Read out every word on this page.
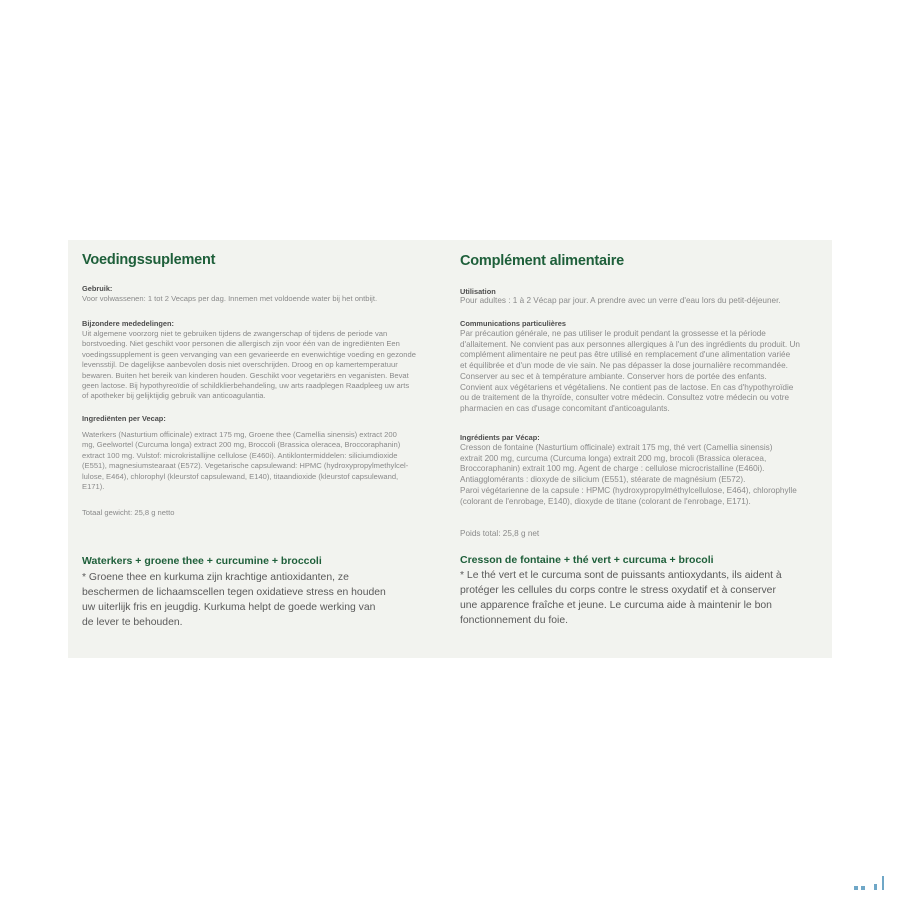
Voedingssuplement
Gebruik:
Voor volwassenen: 1 tot 2 Vecaps per dag. Innemen met voldoende water bij het ontbijt.
Bijzondere mededelingen:
Uit algemene voorzorg niet te gebruiken tijdens de zwangerschap of tijdens de periode van
borstvoeding. Niet geschikt voor personen die allergisch zijn voor één van de ingrediënten Een
voedingssupplement is geen vervanging van een gevarieerde en evenwichtige voeding en gezonde
levensstijl. De dagelijkse aanbevolen dosis niet overschrijden. Droog en op kamertemperatuur
bewaren. Buiten het bereik van kinderen houden. Geschikt voor vegetariërs en veganisten. Bevat
geen lactose. Bij hypothyreoïdie of schildklierbehandeling, uw arts raadplegen Raadpleeg uw arts
of apotheker bij gelijktijdig gebruik van anticoagulantia.
Ingrediënten per Vecap:
Waterkers (Nasturtium officinale) extract 175 mg, Groene thee (Camellia sinensis) extract 200
mg, Geelwortel (Curcuma longa) extract 200 mg, Broccoli (Brassica oleracea, Broccoraphanin)
extract 100 mg. Vulstof: microkristallijne cellulose (E460i). Antiklontermiddelen: siliciumdioxide
(E551), magnesiumstearaat (E572). Vegetarische capsulewand: HPMC (hydroxypropylmethylcel-
lulose, E464), chlorophyl (kleurstof capsulewand, E140), titaandioxide (kleurstof capsulewand,
E171).
Totaal gewicht: 25,8 g netto
Waterkers + groene thee + curcumine + broccoli
* Groene thee en kurkuma zijn krachtige antioxidanten, ze
beschermen de lichaamscellen tegen oxidatieve stress en houden
uw uiterlijk fris en jeugdig. Kurkuma helpt de goede werking van
de lever te behouden.
Complément alimentaire
Utilisation
Pour adultes : 1 à 2 Vécap par jour. A prendre avec un verre d'eau lors du petit-déjeuner.
Communications particulières
Par précaution générale, ne pas utiliser le produit pendant la grossesse et la période
d'allaitement. Ne convient pas aux personnes allergiques à l'un des ingrédients du produit. Un
complément alimentaire ne peut pas être utilisé en remplacement d'une alimentation variée
et équilibrée et d'un mode de vie sain. Ne pas dépasser la dose journalière recommandée.
Conserver au sec et à température ambiante. Conserver hors de portée des enfants.
Convient aux végétariens et végétaliens. Ne contient pas de lactose. En cas d'hypothyroïdie
ou de traitement de la thyroïde, consulter votre médecin. Consultez votre médecin ou votre
pharmacien en cas d'usage concomitant d'anticoagulants.
Ingrédients par Vécap:
Cresson de fontaine (Nasturtium officinale) extrait 175 mg, thé vert (Camellia sinensis)
extrait 200 mg, curcuma (Curcuma longa) extrait 200 mg, brocoli (Brassica oleracea,
Broccoraphanin) extrait 100 mg. Agent de charge : cellulose microcristalline (E460i).
Antiagglomérants : dioxyde de silicium (E551), stéarate de magnésium (E572).
Paroi végétarienne de la capsule : HPMC (hydroxypropylméthylcellulose, E464), chlorophylle
(colorant de l'enrobage, E140), dioxyde de titane (colorant de l'enrobage, E171).
Poids total: 25,8 g net
Cresson de fontaine + thé vert + curcuma + brocoli
* Le thé vert et le curcuma sont de puissants antioxydants, ils aident à
protéger les cellules du corps contre le stress oxydatif et à conserver
une apparence fraîche et jeune. Le curcuma aide à maintenir le bon
fonctionnement du foie.
